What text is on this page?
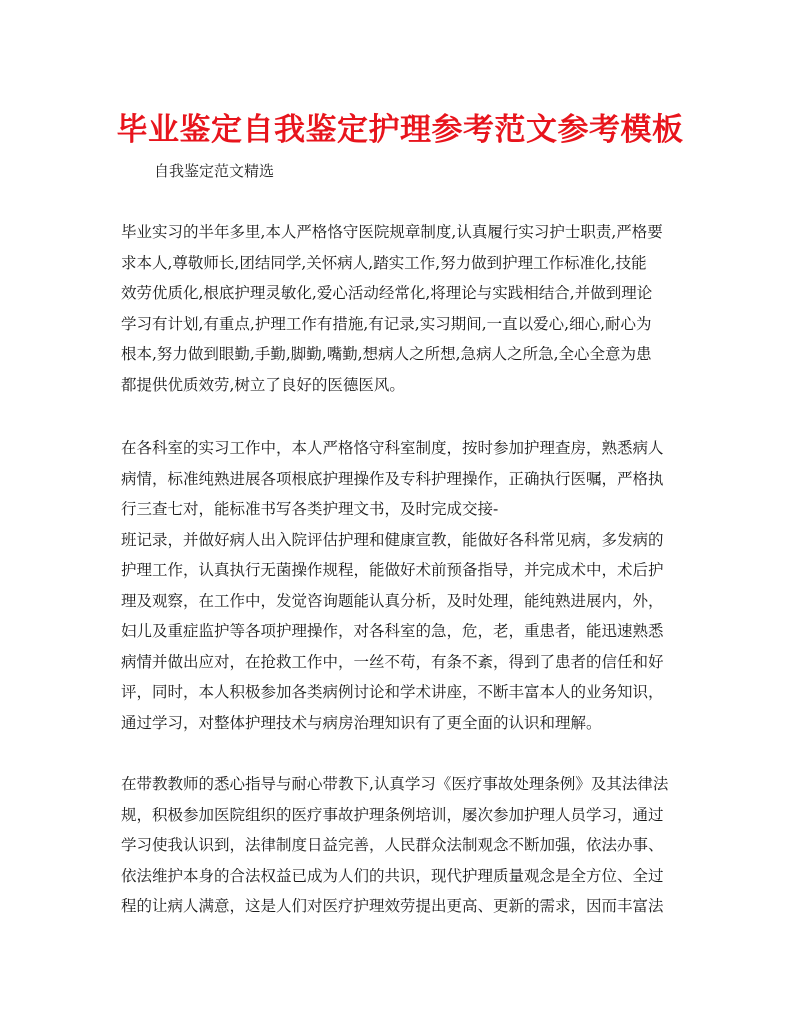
毕业鉴定自我鉴定护理参考范文参考模板
自我鉴定范文精选
毕业实习的半年多里,本人严格恪守医院规章制度,认真履行实习护士职责,严格要
求本人,尊敬师长,团结同学,关怀病人,踏实工作,努力做到护理工作标准化,技能
效劳优质化,根底护理灵敏化,爱心活动经常化,将理论与实践相结合,并做到理论
学习有计划,有重点,护理工作有措施,有记录,实习期间,一直以爱心,细心,耐心为
根本,努力做到眼勤,手勤,脚勤,嘴勤,想病人之所想,急病人之所急,全心全意为患
都提供优质效劳,树立了良好的医德医风。
在各科室的实习工作中，本人严格恪守科室制度，按时参加护理查房，熟悉病人
病情，标准纯熟进展各项根底护理操作及专科护理操作，正确执行医嘱，严格执
行三查七对，能标准书写各类护理文书，及时完成交接-
班记录，并做好病人出入院评估护理和健康宣教，能做好各科常见病，多发病的
护理工作，认真执行无菌操作规程，能做好术前预备指导，并完成术中，术后护
理及观察，在工作中，发觉咨询题能认真分析，及时处理，能纯熟进展内，外，
妇儿及重症监护等各项护理操作，对各科室的急，危，老，重患者，能迅速熟悉
病情并做出应对，在抢救工作中，一丝不苟，有条不紊，得到了患者的信任和好
评，同时，本人积极参加各类病例讨论和学术讲座，不断丰富本人的业务知识，
通过学习，对整体护理技术与病房治理知识有了更全面的认识和理解。
在带教教师的悉心指导与耐心带教下,认真学习《医疗事故处理条例》及其法律法
规，积极参加医院组织的医疗事故护理条例培训，屡次参加护理人员学习，通过
学习使我认识到，法律制度日益完善，人民群众法制观念不断加强，依法办事、
依法维护本身的合法权益已成为人们的共识，现代护理质量观念是全方位、全过
程的让病人满意，这是人们对医疗护理效劳提出更高、更新的需求，因而丰富法
